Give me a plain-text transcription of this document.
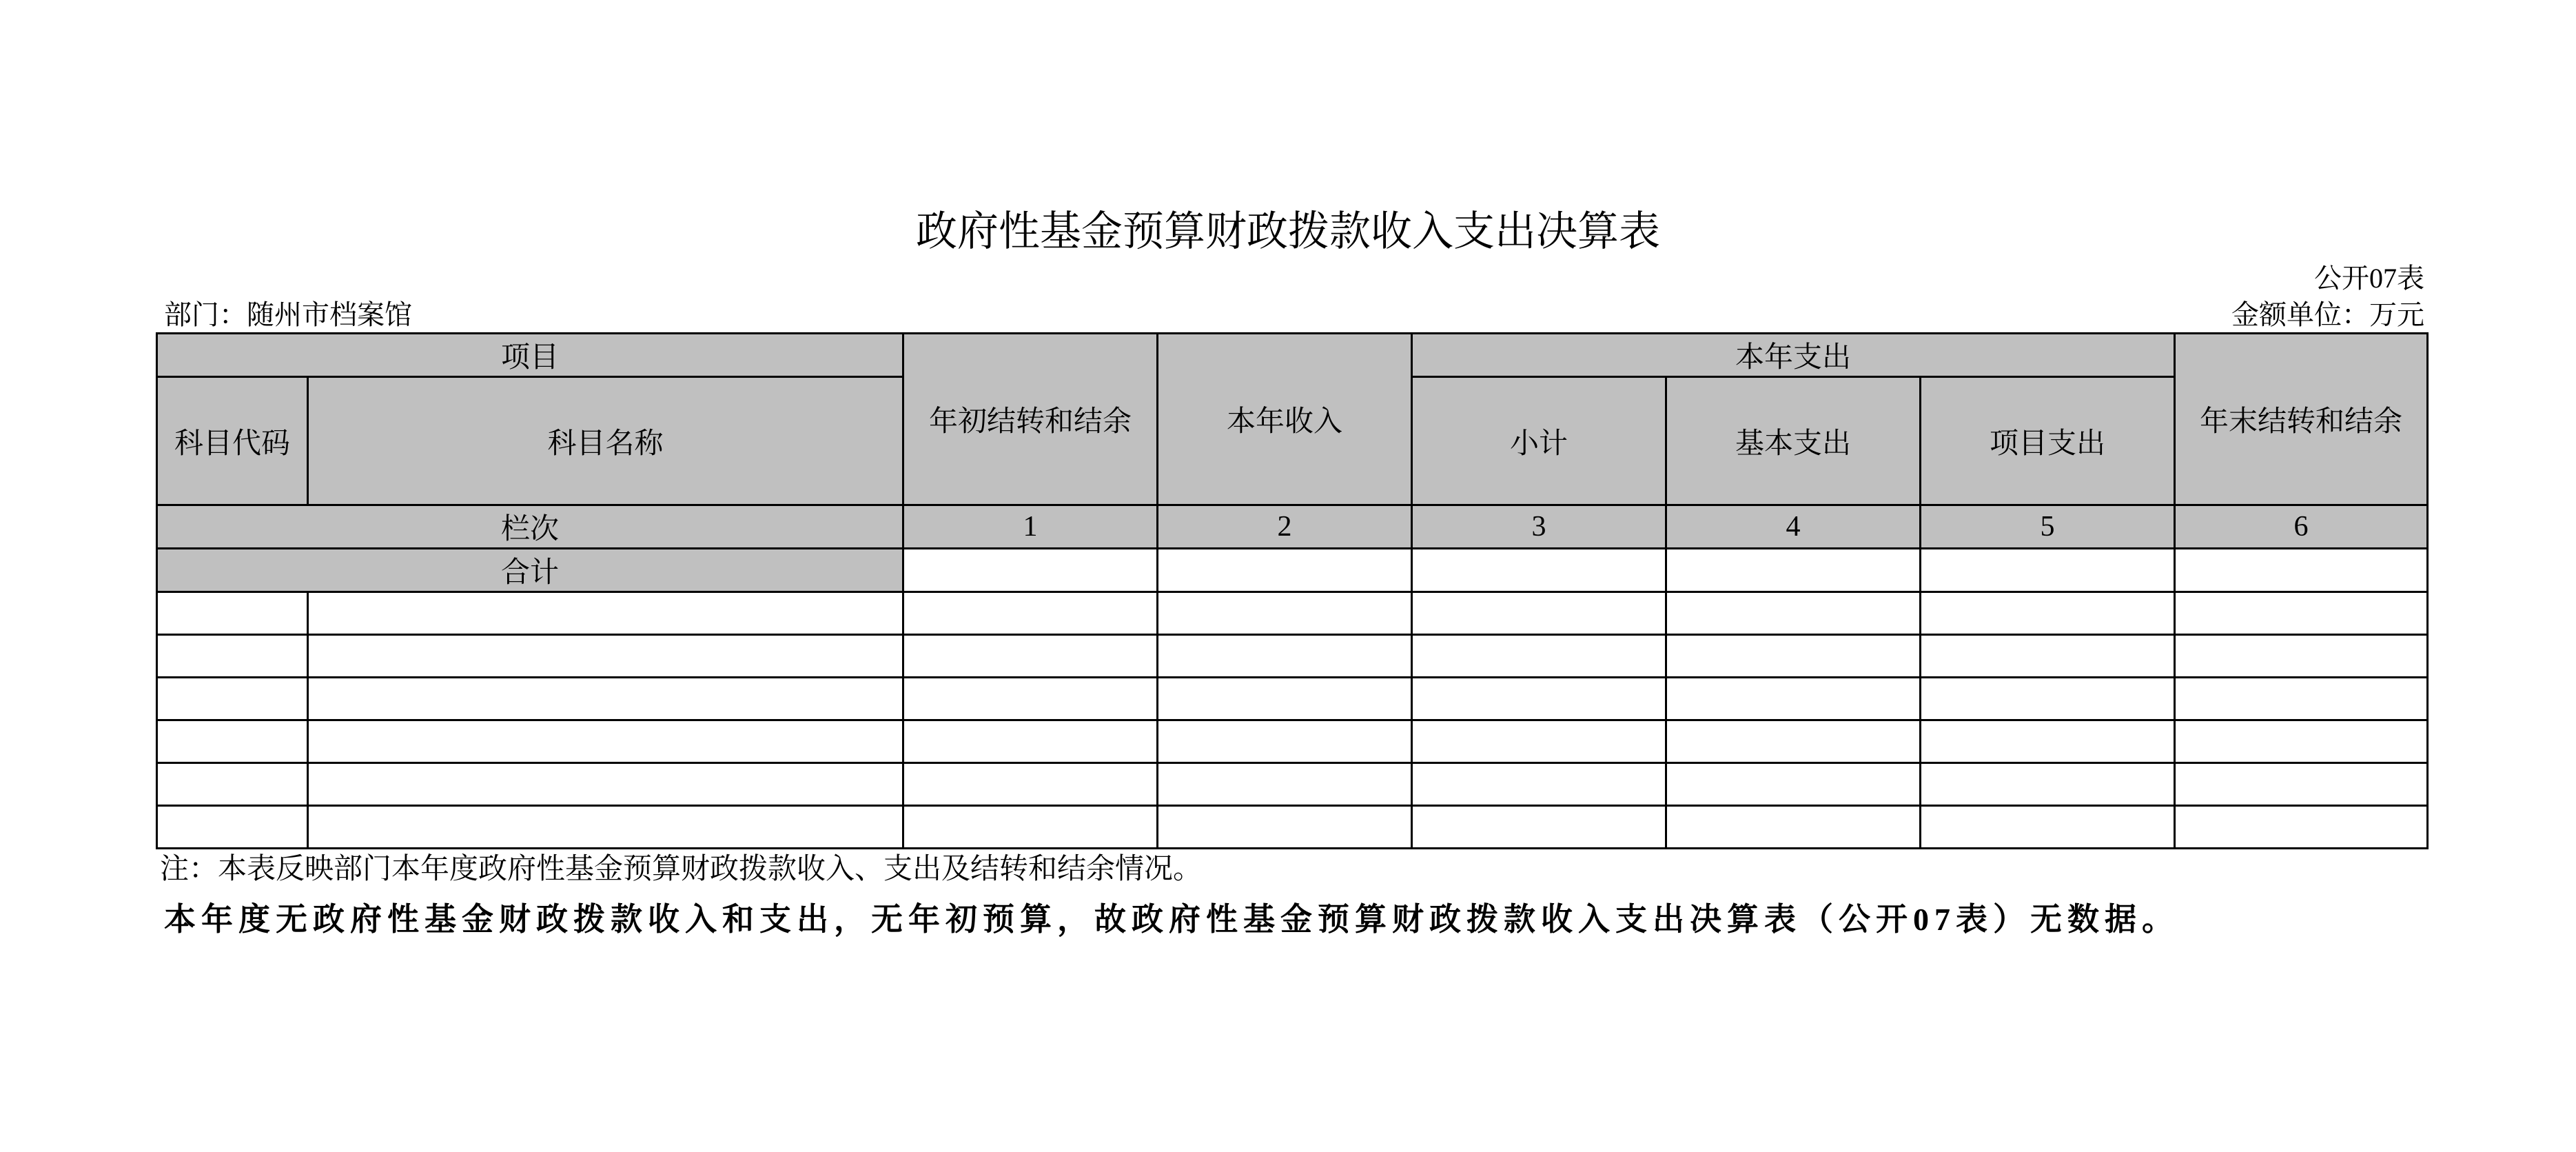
政府性基金预算财政拨款收入支出决算表
公开07表
部门：随州市档案馆	金额单位：万元
项目		年初结转和结余	本年收入	本年支出			年末结转和结余
科目代码	科目名称			小计	基本支出	项目支出	
栏次		1	2	3	4	5	6
合计							

注：本表反映部门本年度政府性基金预算财政拨款收入、支出及结转和结余情况。
本年度无政府性基金财政拨款收入和支出，无年初预算，故政府性基金预算财政拨款收入支出决算表（公开07表）无数据。
